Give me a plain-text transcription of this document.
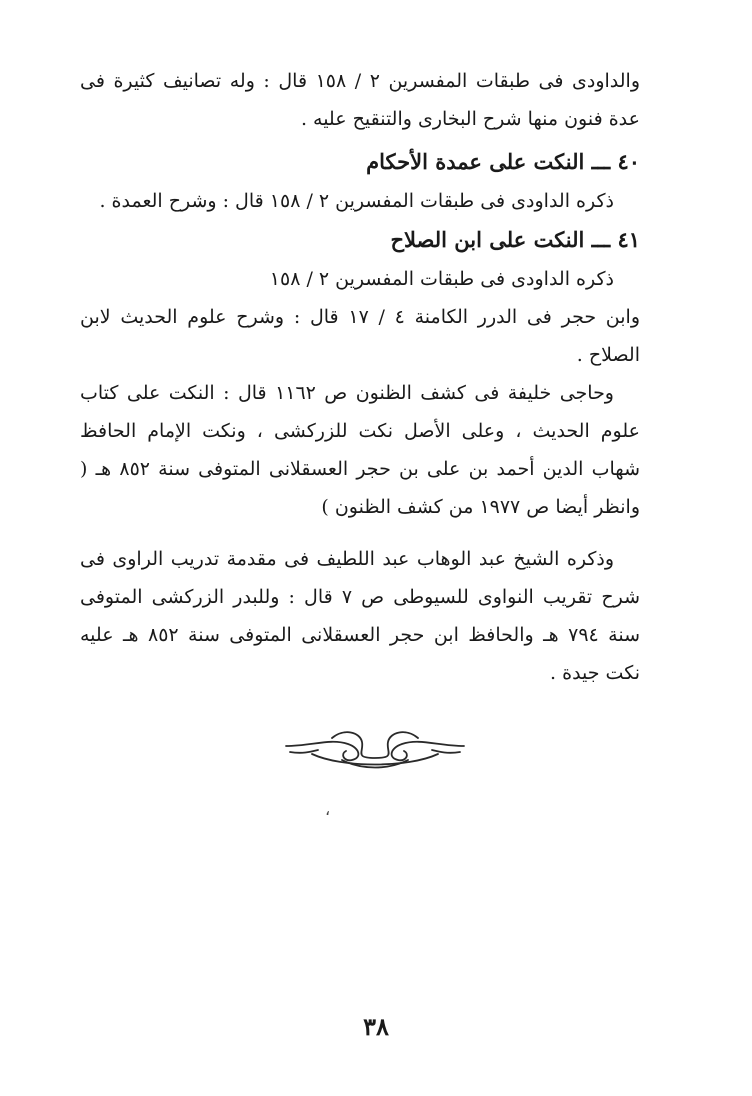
والداودى فى طبقات المفسرين ٢ / ١٥٨ قال : وله تصانيف كثيرة فى عدة فنون منها شرح البخارى والتنقيح عليه .

٤٠ ـــ النكت على عمدة الأحكام

ذكره الداودى فى طبقات المفسرين ٢ / ١٥٨ قال : وشرح العمدة .

٤١ ـــ النكت على ابن الصلاح

ذكره الداودى فى طبقات المفسرين ٢ / ١٥٨

وابن حجر فى الدرر الكامنة ٤ / ١٧ قال : وشرح علوم الحديث لابن الصلاح .

وحاجى خليفة فى كشف الظنون ص ١١٦٢ قال : النكت على كتاب علوم الحديث ، وعلى الأصل نكت للزركشى ، ونكت الإمام الحافظ شهاب الدين أحمد بن على بن حجر العسقلانى المتوفى سنة ٨٥٢ هـ ( وانظر أيضا ص ١٩٧٧ من كشف الظنون )

وذكره الشيخ عبد الوهاب عبد اللطيف فى مقدمة تدريب الراوى فى شرح تقريب النواوى للسيوطى ص ٧ قال : وللبدر الزركشى المتوفى سنة ٧٩٤ هـ والحافظ ابن حجر العسقلانى المتوفى سنة ٨٥٢ هـ عليه نكت جيدة .

،
٣٨
